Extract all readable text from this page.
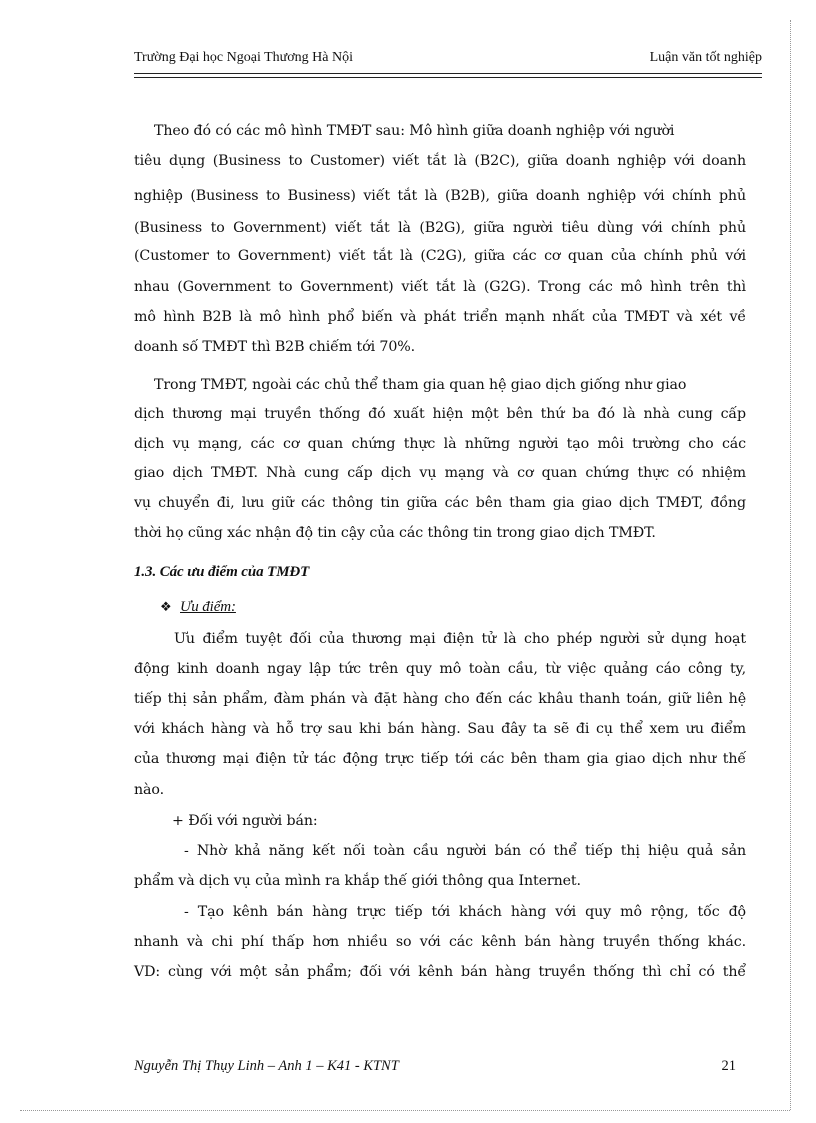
Trường Đại học Ngoại Thương Hà Nội	Luận văn tốt nghiệp
Theo đó có các mô hình TMĐT sau: Mô hình giữa doanh nghiệp với người
tiêu dụng (Business to Customer) viết tắt là (B2C), giữa doanh nghiệp với doanh
nghiệp (Business to Business) viết tắt là (B2B), giữa doanh nghiệp với chính phủ
(Business to Government) viết tắt là (B2G), giữa người tiêu dùng với chính phủ
(Customer to Government) viết tắt là (C2G), giữa các cơ quan của chính phủ với
nhau (Government to Government) viết tắt là (G2G). Trong các mô hình trên thì
mô hình B2B là mô hình phổ biến và phát triển mạnh nhất của TMĐT và xét về
doanh số TMĐT thì B2B chiếm tới 70%.
Trong TMĐT, ngoài các chủ thể tham gia quan hệ giao dịch giống như giao
dịch thương mại truyền thống đó xuất hiện một bên thứ ba đó là nhà cung cấp
dịch vụ mạng, các cơ quan chứng thực là những người tạo môi trường cho các
giao dịch TMĐT. Nhà cung cấp dịch vụ mạng và cơ quan chứng thực có nhiệm
vụ chuyển đi, lưu giữ các thông tin giữa các bên tham gia giao dịch TMĐT, đồng
thời họ cũng xác nhận độ tin cậy của các thông tin trong giao dịch TMĐT.
1.3. Các ưu điểm của TMĐT
❖ Ưu điểm:
Ưu điểm tuyệt đối của thương mại điện tử là cho phép người sử dụng hoạt
động kinh doanh ngay lập tức trên quy mô toàn cầu, từ việc quảng cáo công ty,
tiếp thị sản phẩm, đàm phán và đặt hàng cho đến các khâu thanh toán, giữ liên hệ
với khách hàng và hỗ trợ sau khi bán hàng. Sau đây ta sẽ đi cụ thể xem ưu điểm
của thương mại điện tử tác động trực tiếp tới các bên tham gia giao dịch như thế
nào.
+ Đối với người bán:
- Nhờ khả năng kết nối toàn cầu người bán có thể tiếp thị hiệu quả sản
phẩm và dịch vụ của mình ra khắp thế giới thông qua Internet.
- Tạo kênh bán hàng trực tiếp tới khách hàng với quy mô rộng, tốc độ
nhanh và chi phí thấp hơn nhiều so với các kênh bán hàng truyền thống khác.
VD: cùng với một sản phẩm; đối với kênh bán hàng truyền thống thì chỉ có thể
Nguyễn Thị Thụy Linh – Anh 1 – K41 - KTNT	21
